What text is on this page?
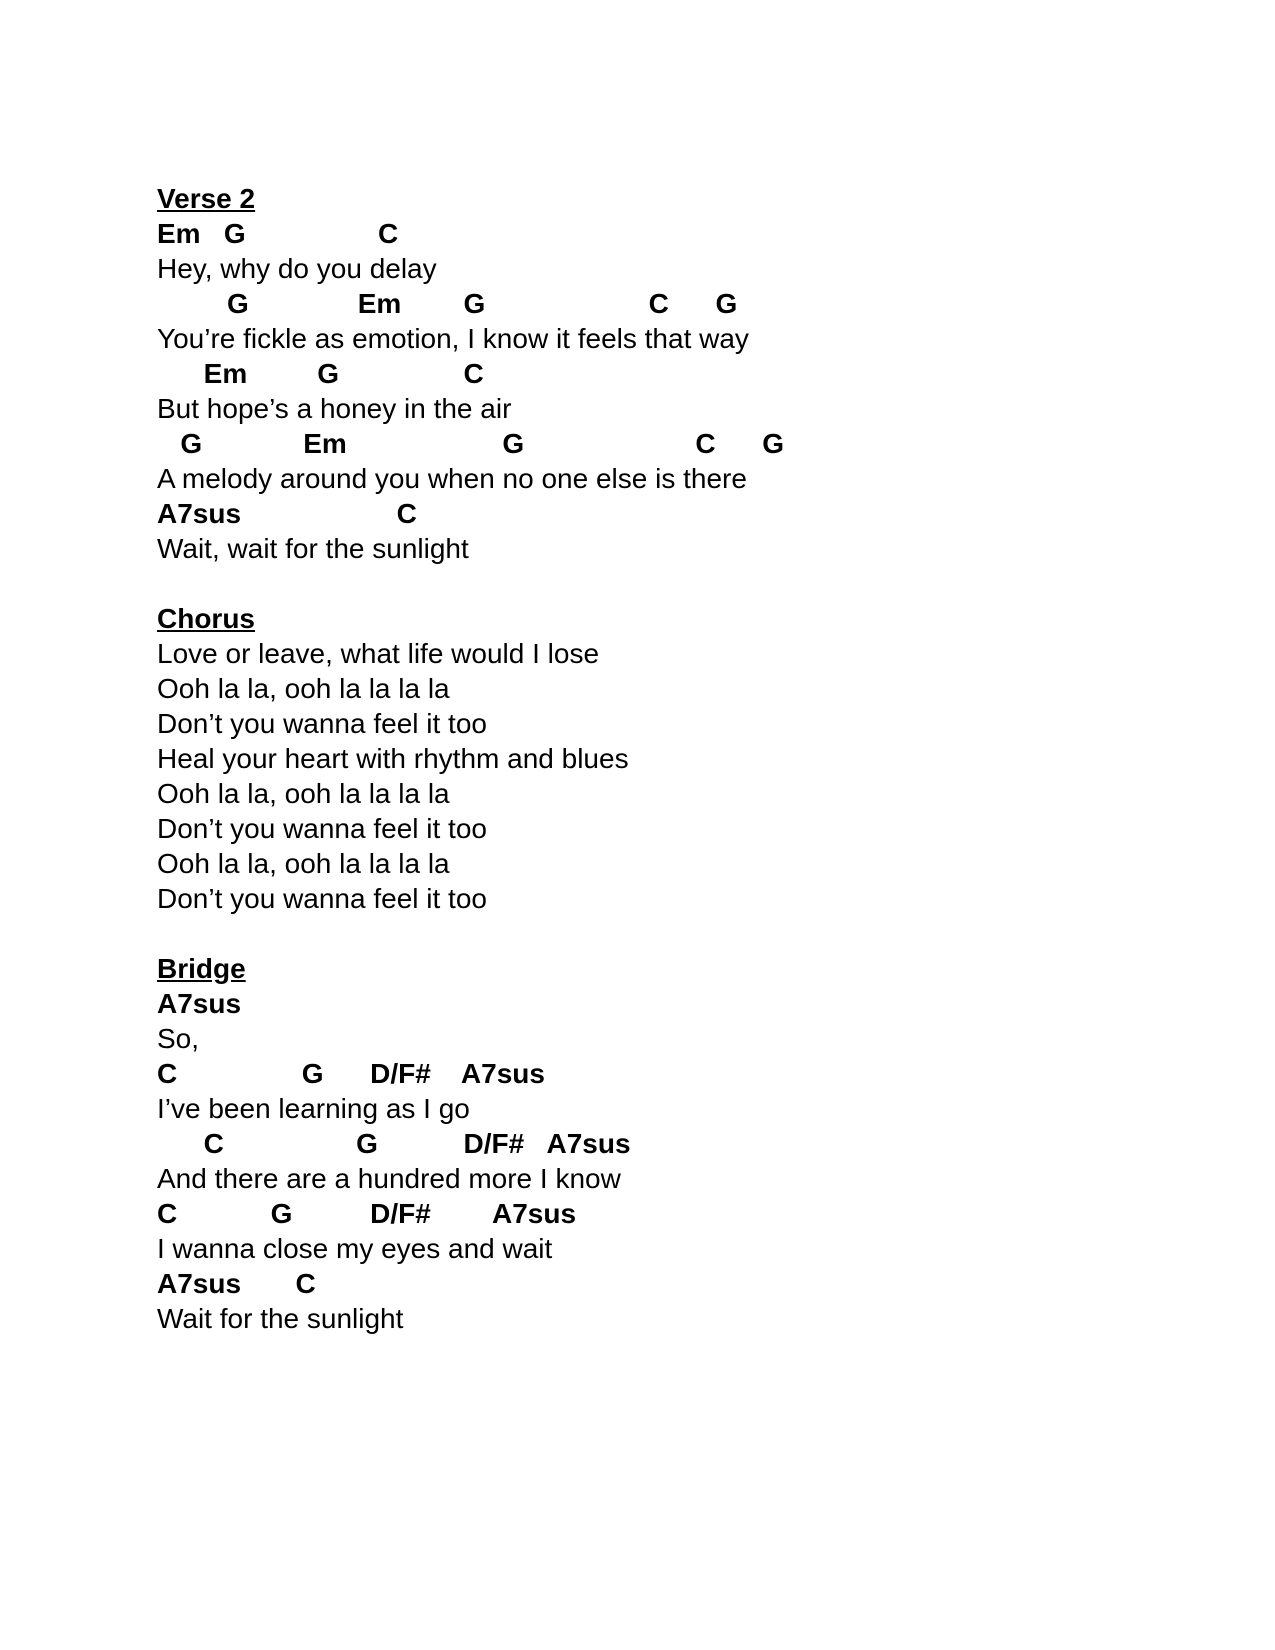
Verse 2
Em   G                 C
Hey, why do you delay
G              Em        G                     C      G
You’re fickle as emotion, I know it feels that way
Em         G                C
But hope’s a honey in the air
G             Em                    G                      C      G
A melody around you when no one else is there
A7sus                    C
Wait, wait for the sunlight
Chorus
Love or leave, what life would I lose
Ooh la la, ooh la la la la
Don’t you wanna feel it too
Heal your heart with rhythm and blues
Ooh la la, ooh la la la la
Don’t you wanna feel it too
Ooh la la, ooh la la la la
Don’t you wanna feel it too
Bridge
A7sus
So,
C                G      D/F#    A7sus
I’ve been learning as I go
C                 G           D/F#   A7sus
And there are a hundred more I know
C            G          D/F#        A7sus
I wanna close my eyes and wait
A7sus       C
Wait for the sunlight
